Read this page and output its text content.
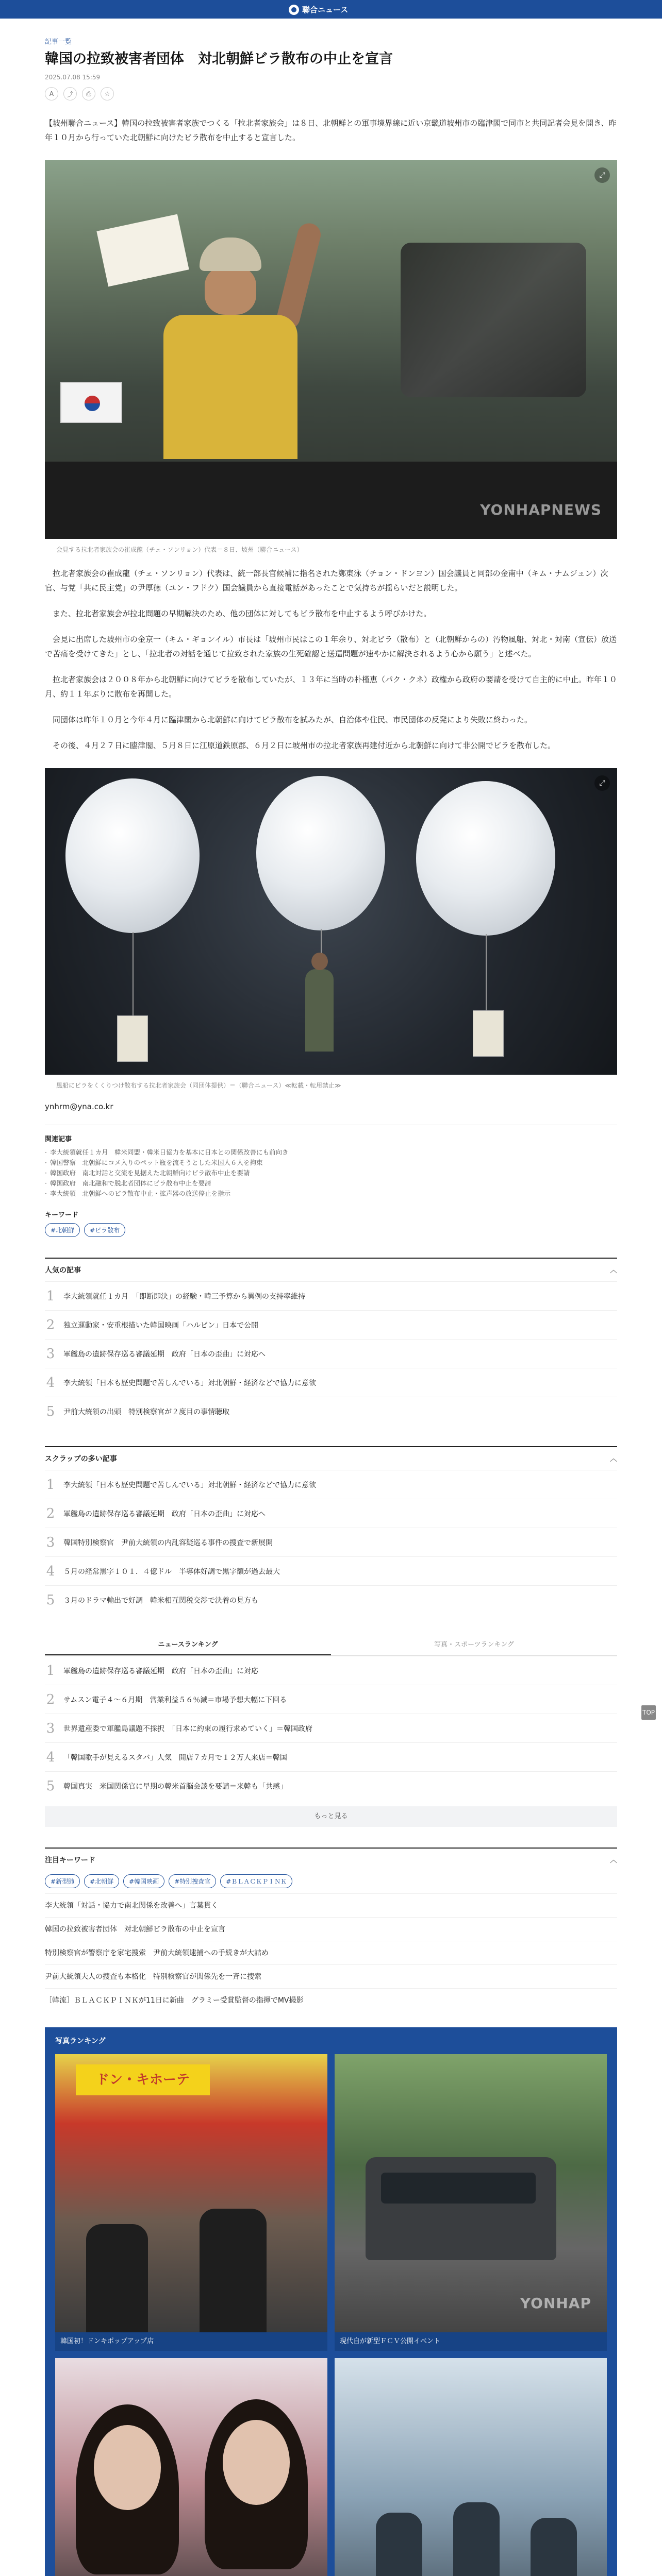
聯合ニュース
記事一覧
韓国の拉致被害者団体　対北朝鮮ビラ散布の中止を宣言
2025.07.08 15:59
A	⤴	⎙	☆

【坡州聯合ニュース】韓国の拉致被害者家族でつくる「拉北者家族会」は８日、北朝鮮との軍事境界線に近い京畿道坡州市の臨津閣で同市と共同記者会見を開き、昨年１０月から行っていた北朝鮮に向けたビラ散布を中止すると宣言した。

⤢
YONHAPNEWS
会見する拉北者家族会の崔成龍（チェ・ソンリョン）代表＝８日、坡州（聯合ニュース）

拉北者家族会の崔成龍（チェ・ソンリョン）代表は、統一部長官候補に指名された鄭東泳（チョン・ドンヨン）国会議員と同部の金南中（キム・ナムジュン）次官、与党「共に民主党」の尹厚徳（ユン・フドク）国会議員から直接電話があったことで気持ちが揺らいだと説明した。

また、拉北者家族会が拉北問題の早期解決のため、他の団体に対してもビラ散布を中止するよう呼びかけた。

会見に出席した坡州市の金京一（キム・ギョンイル）市長は「坡州市民はこの１年余り、対北ビラ（散布）と（北朝鮮からの）汚物風船、対北・対南（宣伝）放送で苦痛を受けてきた」とし、「拉北者の対話を通じて拉致された家族の生死確認と送還問題が速やかに解決されるよう心から願う」と述べた。

拉北者家族会は２００８年から北朝鮮に向けてビラを散布していたが、１３年に当時の朴槿恵（パク・クネ）政権から政府の要請を受けて自主的に中止。昨年１０月、約１１年ぶりに散布を再開した。

同団体は昨年１０月と今年４月に臨津閣から北朝鮮に向けてビラ散布を試みたが、自治体や住民、市民団体の反発により失敗に終わった。

その後、４月２７日に臨津閣、５月８日に江原道鉄原郡、６月２日に坡州市の拉北者家族再建付近から北朝鮮に向けて非公開でビラを散布した。

⤢
風船にビラをくくりつけ散布する拉北者家族会（同団体提供）＝（聯合ニュース）≪転載・転用禁止≫
ynhrm@yna.co.kr
関連記事
· 李大統領就任１カ月　韓米同盟・韓米日協力を基本に日本との関係改善にも前向き
· 韓国警察　北朝鮮にコメ入りのペット瓶を流そうとした米国人６人を拘束
· 韓国政府　南北対話と交流を見据えた北朝鮮向けビラ散布中止を要請
· 韓国政府　南北融和で脱北者団体にビラ散布中止を要請
· 李大統領　北朝鮮へのビラ散布中止・拡声器の放送停止を指示
キーワード
#北朝鮮	#ビラ散布
人気の記事	︿
1 李大統領就任１カ月　「即断即決」の経験・韓三予算から異例の支持率維持
2 独立運動家・安重根描いた韓国映画「ハルビン」日本で公開
3 軍艦島の遺跡保存巡る審議延期　政府「日本の歪曲」に対応へ
4 李大統領「日本も歴史問題で苦しんでいる」対北朝鮮・経済などで協力に意欲
5 尹前大統領の出頭　特別検察官が２度目の事情聴取
スクラップの多い記事	︿
1 李大統領「日本も歴史問題で苦しんでいる」対北朝鮮・経済などで協力に意欲
2 軍艦島の遺跡保存巡る審議延期　政府「日本の歪曲」に対応へ
3 韓国特別検察官　尹前大統領の内乱容疑巡る事件の捜査で新展開
4 ５月の経常黒字１０１．４億ドル　半導体好調で黒字額が過去最大
5 ３月のドラマ輸出で好調　韓米相互関税交渉で決着の見方も
ニュースランキング	写真・スポーツランキング
1 軍艦島の遺跡保存巡る審議延期　政府「日本の歪曲」に対応
2 サムスン電子４～６月期　営業利益５６％減＝市場予想大幅に下回る
3 世界遺産委で軍艦島議題不採択　「日本に約束の履行求めていく」＝韓国政府
4 「韓国歌手が見えるスタバ」人気　開店７カ月で１２万人来店＝韓国
5 韓国真実　米国関係官に早期の韓米首脳会談を要請＝来韓も「共感」
もっと見る
注目キーワード	︿
#新型肺	#北朝鮮	#韓国映画	#特別捜査官	#ＢＬＡＣＫＰＩＮＫ
李大統領「対話・協力で南北関係を改善へ」言葉貫く
韓国の拉致被害者団体　対北朝鮮ビラ散布の中止を宣言
特別検察官が警察庁を家宅捜索　尹前大統領逮捕への手続きが大詰め
尹前大統領夫人の捜査も本格化　特別検察官が関係先を一斉に捜索
［韓流］ＢＬＡＣＫＰＩＮＫが11日に新曲　グラミー受賞監督の指揮でMV撮影
写真ランキング
ドン・キホーテ
韓国初！ドンキポップアップ店
YONHAP
現代自が新型ＦＣＶ公開イベント
TOP
